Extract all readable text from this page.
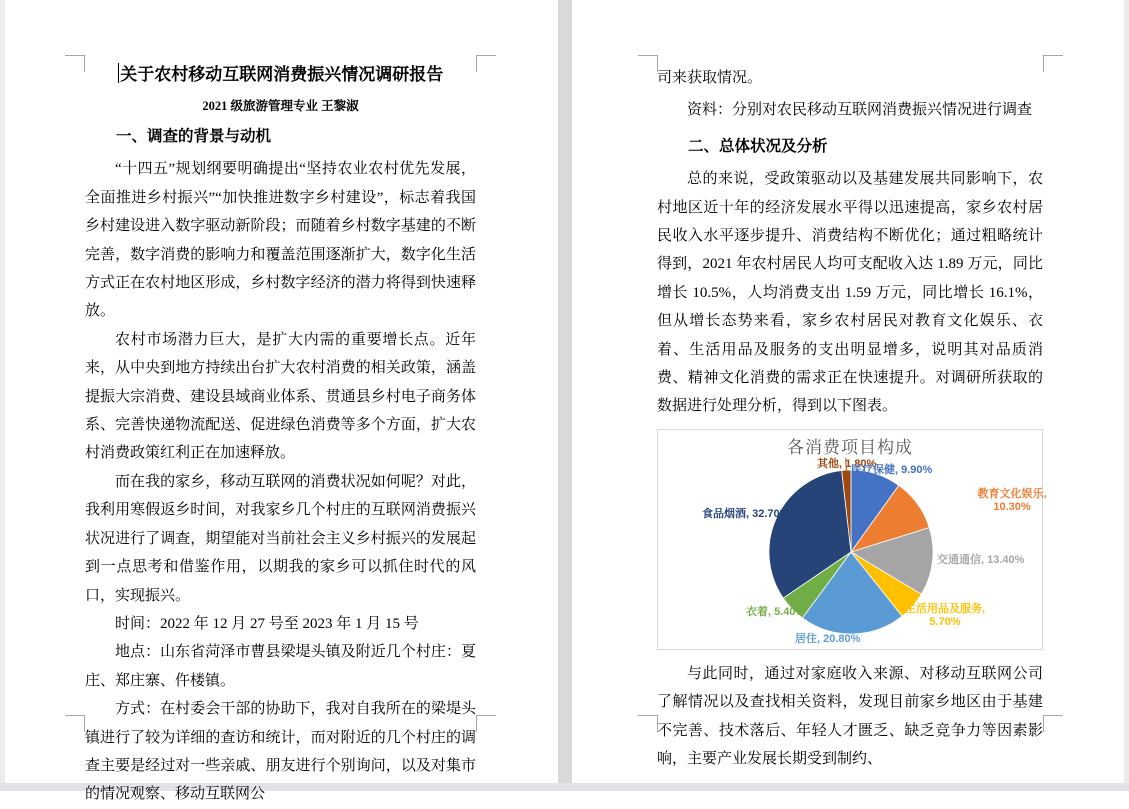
关于农村移动互联网消费振兴情况调研报告
2021 级旅游管理专业 王黎淑
一、调查的背景与动机

“十四五”规划纲要明确提出“坚持农业农村优先发展，全面推进乡村振兴”“加快推进数字乡村建设”，标志着我国乡村建设进入数字驱动新阶段；而随着乡村数字基建的不断完善，数字消费的影响力和覆盖范围逐渐扩大，数字化生活方式正在农村地区形成，乡村数字经济的潜力将得到快速释放。

农村市场潜力巨大，是扩大内需的重要增长点。近年来，从中央到地方持续出台扩大农村消费的相关政策，涵盖提振大宗消费、建设县域商业体系、贯通县乡村电子商务体系、完善快递物流配送、促进绿色消费等多个方面，扩大农村消费政策红利正在加速释放。

而在我的家乡，移动互联网的消费状况如何呢？对此，我利用寒假返乡时间，对我家乡几个村庄的互联网消费振兴状况进行了调查，期望能对当前社会主义乡村振兴的发展起到一点思考和借鉴作用，以期我的家乡可以抓住时代的风口，实现振兴。

时间：2022 年 12 月 27 号至 2023 年 1 月 15 号

地点：山东省菏泽市曹县梁堤头镇及附近几个村庄：夏庄、郑庄寨、仵楼镇。

方式：在村委会干部的协助下，我对自我所在的梁堤头镇进行了较为详细的查访和统计，而对附近的几个村庄的调查主要是经过对一些亲戚、朋友进行个别询问，以及对集市的情况观察、移动互联网公

司来获取情况。

资料：分别对农民移动互联网消费振兴情况进行调查

二、总体状况及分析

总的来说，受政策驱动以及基建发展共同影响下，农村地区近十年的经济发展水平得以迅速提高，家乡农村居民收入水平逐步提升、消费结构不断优化；通过粗略统计得到，2021 年农村居民人均可支配收入达 1.89 万元，同比增长 10.5%，人均消费支出 1.59 万元，同比增长 16.1%，但从增长态势来看，家乡农村居民对教育文化娱乐、衣着、生活用品及服务的支出明显增多，说明其对品质消费、精神文化消费的需求正在快速提升。对调研所获取的数据进行处理分析，得到以下图表。

各消费项目构成
其他, 1.80%
医疗保健, 9.90%
教育文化娱乐, 10.30%
交通通信, 13.40%
生活用品及服务, 5.70%
居住, 20.80%
衣着, 5.40%
食品烟酒, 32.70%

与此同时，通过对家庭收入来源、对移动互联网公司了解情况以及查找相关资料，发现目前家乡地区由于基建不完善、技术落后、年轻人才匮乏、缺乏竞争力等因素影响，主要产业发展长期受到制约、
